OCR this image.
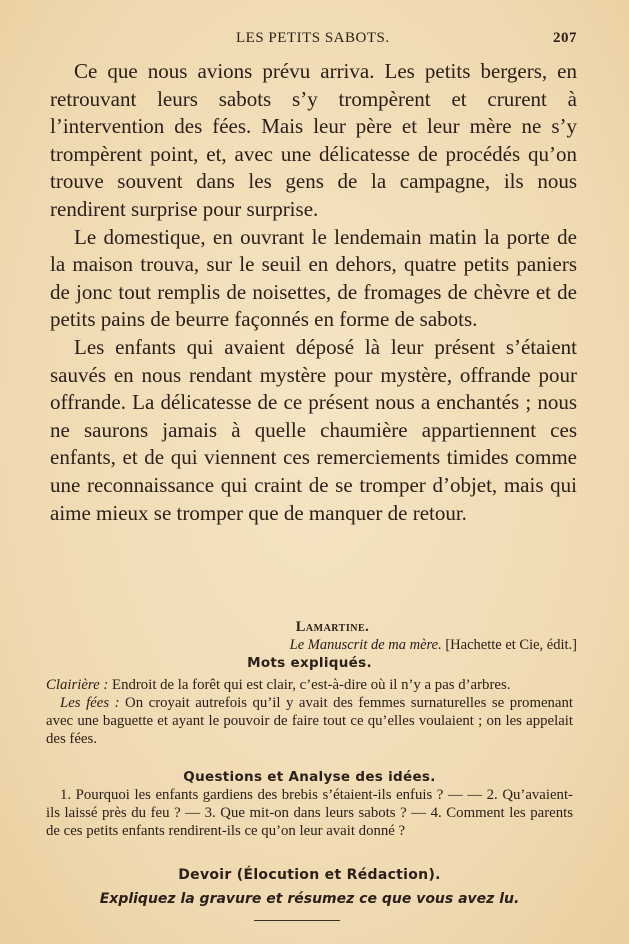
LES PETITS SABOTS.	207

Ce que nous avions prévu arriva. Les petits bergers, en retrouvant leurs sabots s’y trompèrent et crurent à l’intervention des fées. Mais leur père et leur mère ne s’y trompèrent point, et, avec une délicatesse de procédés qu’on trouve souvent dans les gens de la campagne, ils nous rendirent surprise pour surprise.

Le domestique, en ouvrant le lendemain matin la porte de la maison trouva, sur le seuil en dehors, quatre petits paniers de jonc tout remplis de noisettes, de fromages de chèvre et de petits pains de beurre façonnés en forme de sabots.

Les enfants qui avaient déposé là leur présent s’étaient sauvés en nous rendant mystère pour mystère, offrande pour offrande. La délicatesse de ce présent nous a enchantés ; nous ne saurons jamais à quelle chaumière appartiennent ces enfants, et de qui viennent ces remerciements timides comme une reconnaissance qui craint de se tromper d’objet, mais qui aime mieux se tromper que de manquer de retour.

Lamartine.
Le Manuscrit de ma mère. [Hachette et Cie, édit.]
Mots expliqués.

Clairière : Endroit de la forêt qui est clair, c’est-à-dire où il n’y a pas d’arbres.

Les fées : On croyait autrefois qu’il y avait des femmes surnaturelles se promenant avec une baguette et ayant le pouvoir de faire tout ce qu’elles voulaient ; on les appelait des fées.

Questions et Analyse des idées.

1. Pourquoi les enfants gardiens des brebis s’étaient-ils enfuis ? — — 2. Qu’avaient-ils laissé près du feu ? — 3. Que mit-on dans leurs sabots ? — 4. Comment les parents de ces petits enfants rendirent-ils ce qu’on leur avait donné ?

Devoir (Élocution et Rédaction).
Expliquez la gravure et résumez ce que vous avez lu.
